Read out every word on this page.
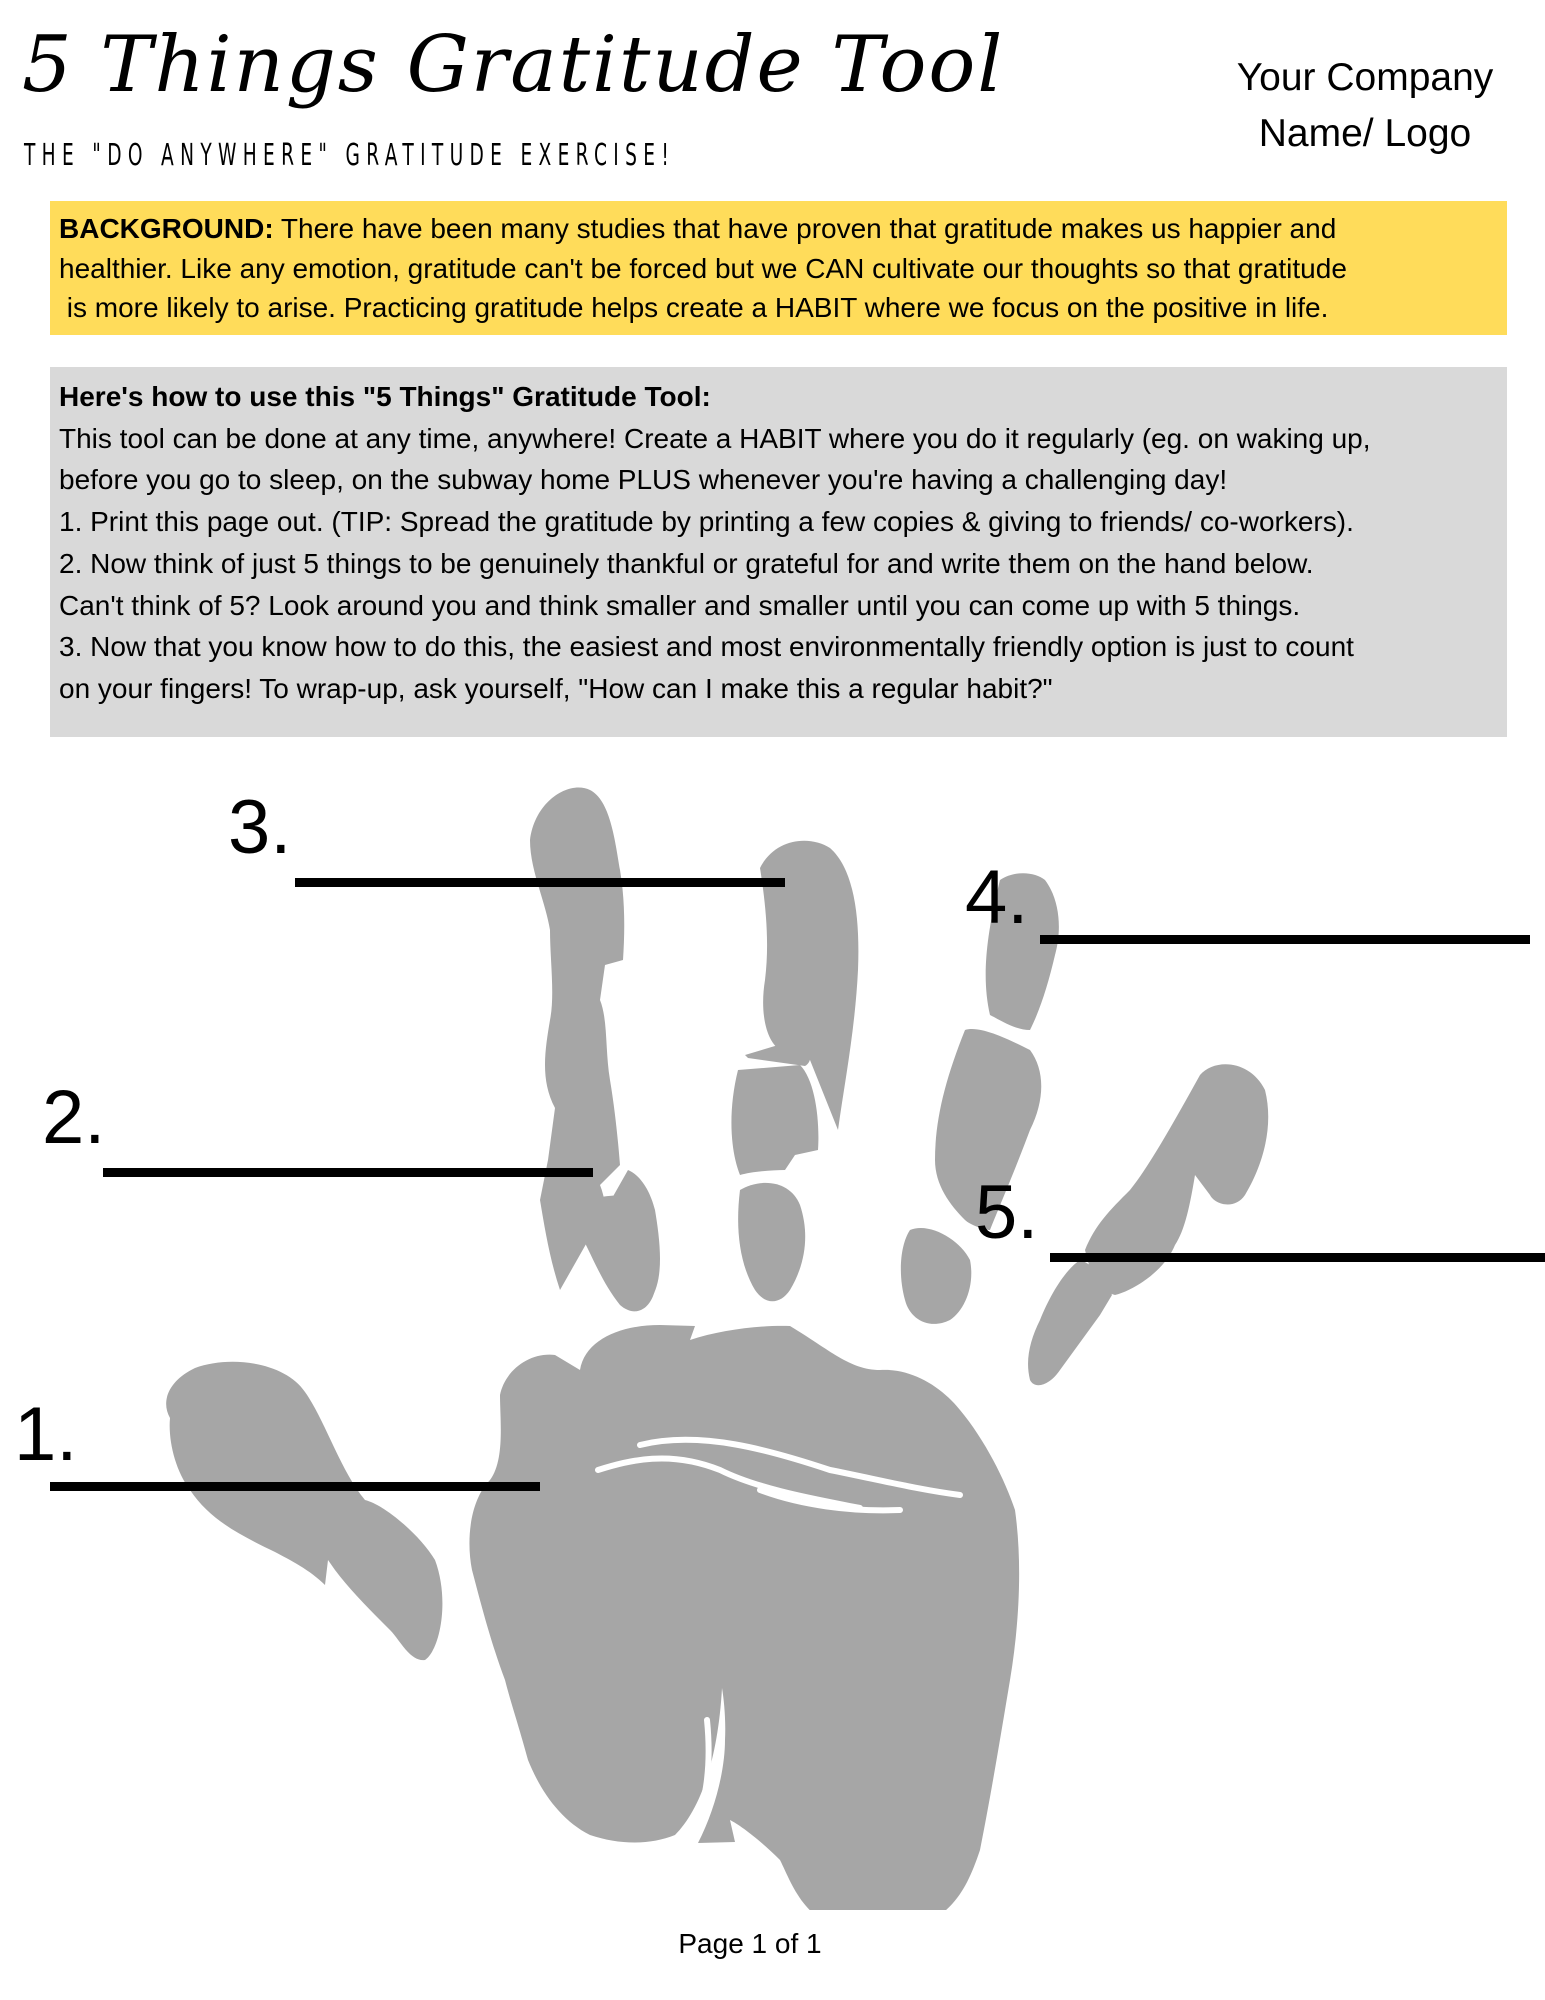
5 Things Gratitude Tool
THE "DO ANYWHERE" GRATITUDE EXERCISE!
Your Company
Name/ Logo
BACKGROUND: There have been many studies that have proven that gratitude makes us happier and
healthier. Like any emotion, gratitude can't be forced but we CAN cultivate our thoughts so that gratitude
is more likely to arise. Practicing gratitude helps create a HABIT where we focus on the positive in life.
Here's how to use this "5 Things" Gratitude Tool:
This tool can be done at any time, anywhere! Create a HABIT where you do it regularly (eg. on waking up,
before you go to sleep, on the subway home PLUS whenever you're having a challenging day!
1. Print this page out. (TIP: Spread the gratitude by printing a few copies & giving to friends/ co-workers).
2. Now think of just 5 things to be genuinely thankful or grateful for and write them on the hand below.
Can't think of 5? Look around you and think smaller and smaller until you can come up with 5 things.
3. Now that you know how to do this, the easiest and most environmentally friendly option is just to count
on your fingers! To wrap-up, ask yourself, "How can I make this a regular habit?"
3.
4.
2.
5.
1.
Page 1 of 1
